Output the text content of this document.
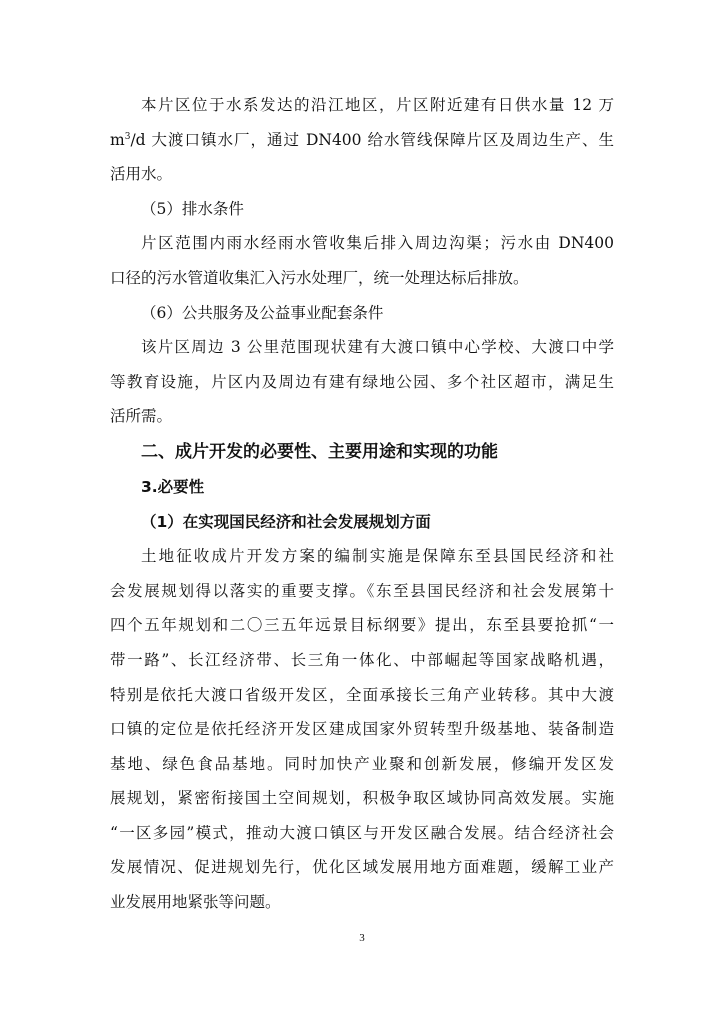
本片区位于水系发达的沿江地区，片区附近建有日供水量 12 万
$m^3/d$ 大渡口镇水厂，通过 DN400 给水管线保障片区及周边生产、生
活用水。
（5）排水条件
片区范围内雨水经雨水管收集后排入周边沟渠；污水由 DN400
口径的污水管道收集汇入污水处理厂，统一处理达标后排放。
（6）公共服务及公益事业配套条件
该片区周边 3 公里范围现状建有大渡口镇中心学校、大渡口中学
等教育设施，片区内及周边有建有绿地公园、多个社区超市，满足生
活所需。
二、成片开发的必要性、主要用途和实现的功能
3.必要性
（1）在实现国民经济和社会发展规划方面
土地征收成片开发方案的编制实施是保障东至县国民经济和社
会发展规划得以落实的重要支撑。《东至县国民经济和社会发展第十
四个五年规划和二〇三五年远景目标纲要》提出，东至县要抢抓“一
带一路”、长江经济带、长三角一体化、中部崛起等国家战略机遇，
特别是依托大渡口省级开发区，全面承接长三角产业转移。其中大渡
口镇的定位是依托经济开发区建成国家外贸转型升级基地、装备制造
基地、绿色食品基地。同时加快产业聚和创新发展，修编开发区发
展规划，紧密衔接国土空间规划，积极争取区域协同高效发展。实施
“一区多园”模式，推动大渡口镇区与开发区融合发展。结合经济社会
发展情况、促进规划先行，优化区域发展用地方面难题，缓解工业产
业发展用地紧张等问题。
3
